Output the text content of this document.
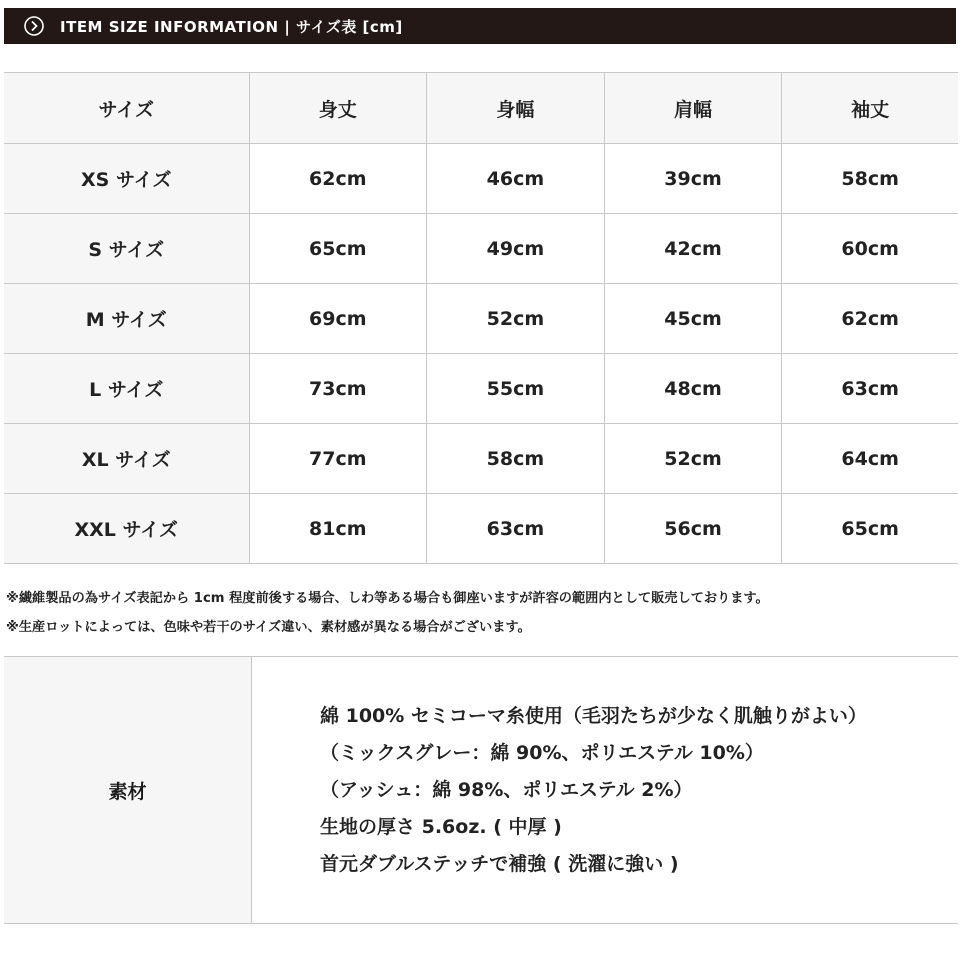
ITEM SIZE INFORMATION | サイズ表 [cm]
サイズ	身丈	身幅	肩幅	袖丈
XS サイズ	62cm	46cm	39cm	58cm
S サイズ	65cm	49cm	42cm	60cm
M サイズ	69cm	52cm	45cm	62cm
L サイズ	73cm	55cm	48cm	63cm
XL サイズ	77cm	58cm	52cm	64cm
XXL サイズ	81cm	63cm	56cm	65cm
※繊維製品の為サイズ表記から 1cm 程度前後する場合、しわ等ある場合も御座いますが許容の範囲内として販売しております。
※生産ロットによっては、色味や若干のサイズ違い、素材感が異なる場合がございます。
素材	
綿 100% セミコーマ糸使用（毛羽たちが少なく肌触りがよい）
（ミックスグレー：綿 90%、ポリエステル 10%）
（アッシュ：綿 98%、ポリエステル 2%）
生地の厚さ 5.6oz. ( 中厚 )
首元ダブルステッチで補強 ( 洗濯に強い )
